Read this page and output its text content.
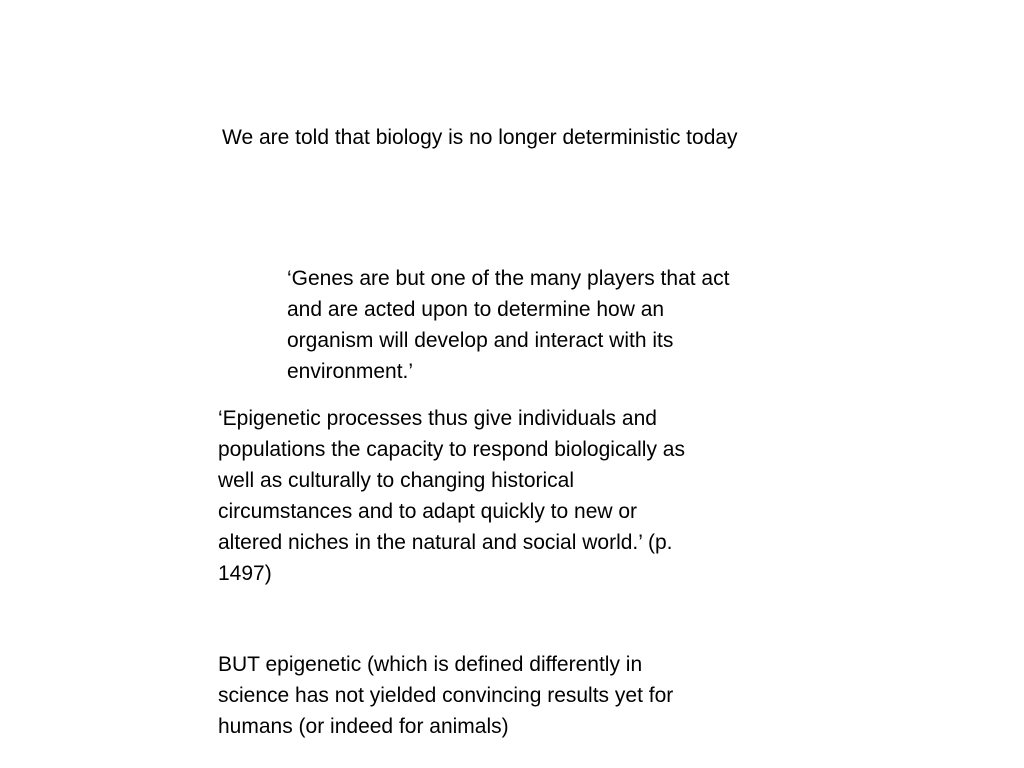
We are told that biology is no longer deterministic today
‘Genes are but one of the many players that act
and are acted upon to determine how an
organism will develop and interact with its
environment.’
‘Epigenetic processes thus give individuals and
populations the capacity to respond biologically as
well as culturally to changing historical
circumstances and to adapt quickly to new or
altered niches in the natural and social world.’ (p.
1497)
BUT epigenetic (which is defined differently in
science has not yielded convincing results yet for
humans (or indeed for animals)
